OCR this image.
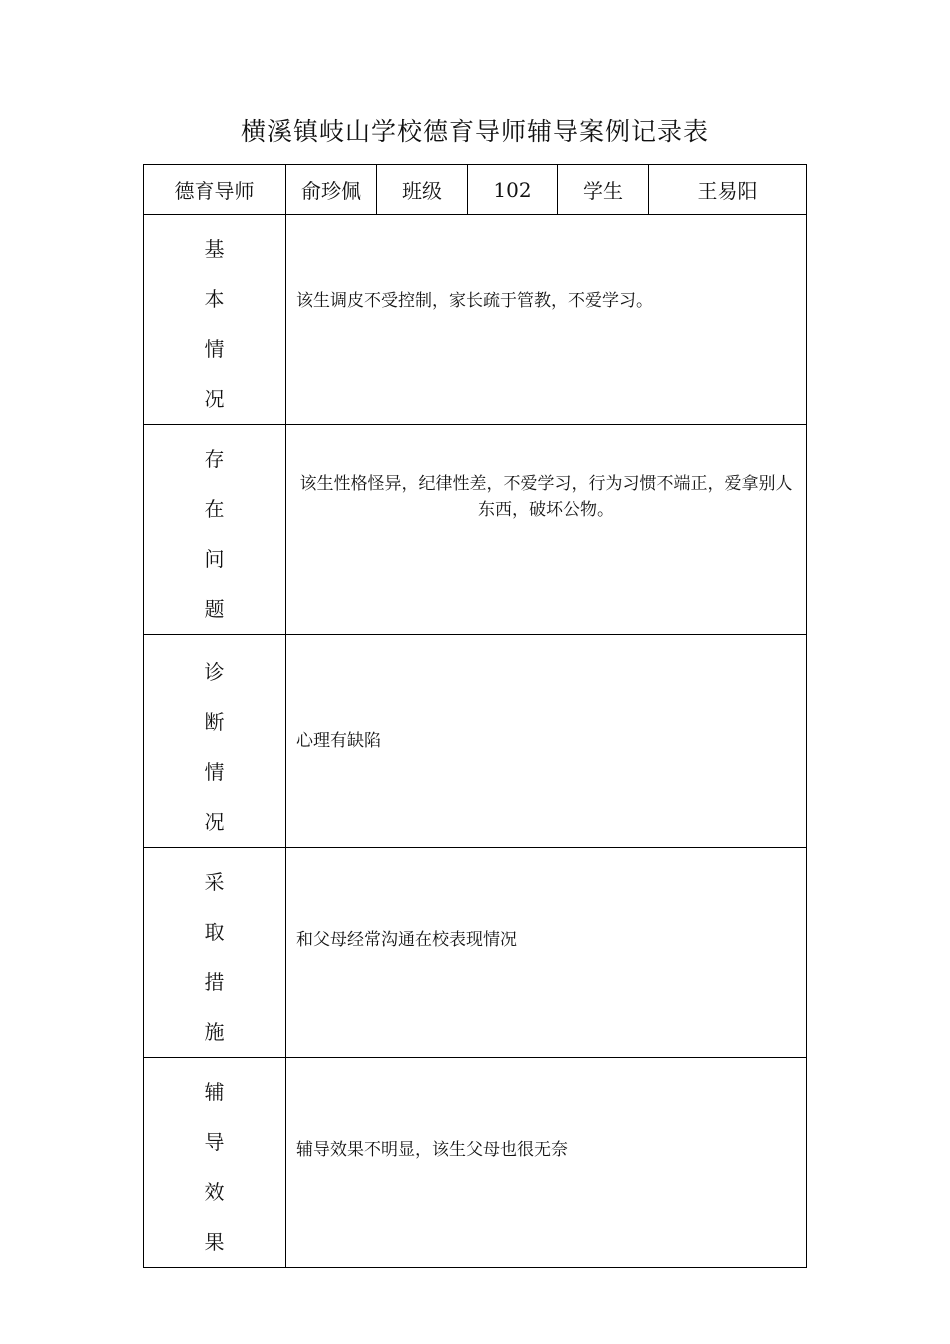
横溪镇岐山学校德育导师辅导案例记录表
德育导师	俞珍佩	班级	102	学生	王易阳

基
本
情
况	该生调皮不受控制，家长疏于管教，不爱学习。				

存
在
问
题	该生性格怪异，纪律性差，不爱学习，行为习惯不端正，爱拿别人东西，破坏公物。				

诊
断
情
况	心理有缺陷				

采
取
措
施	和父母经常沟通在校表现情况				

辅
导
效
果	辅导效果不明显，该生父母也很无奈				
